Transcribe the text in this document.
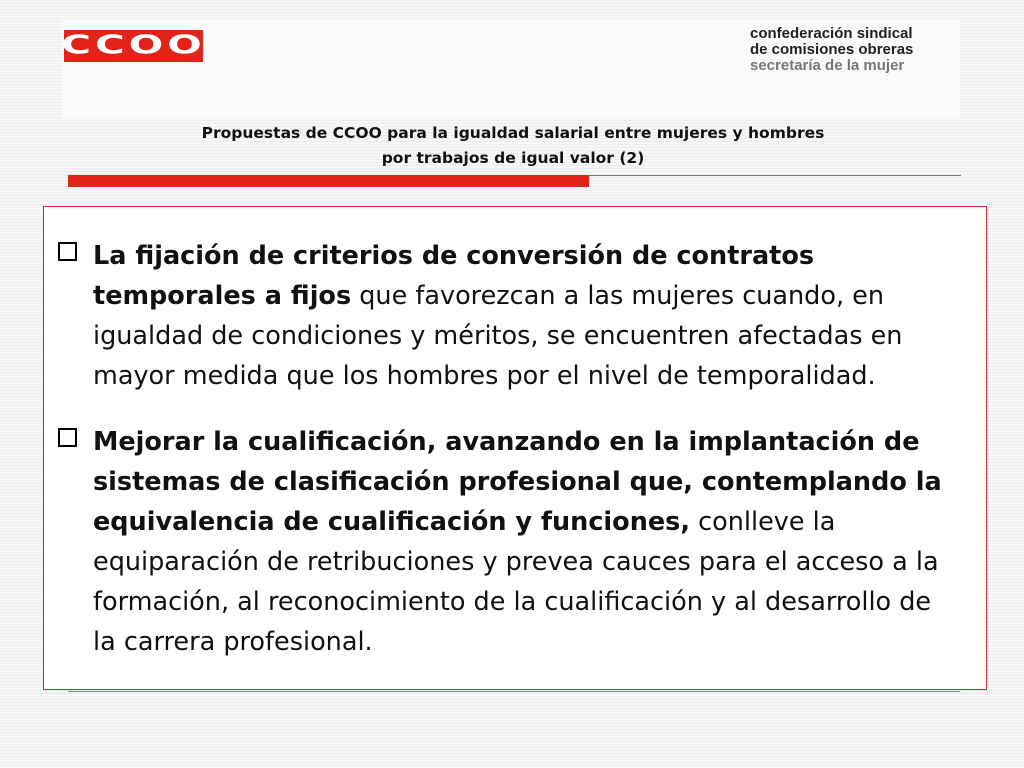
CCOO	confederación sindical
de comisiones obreras
secretaría de la mujer
Propuestas de CCOO para la igualdad salarial entre mujeres y hombres
por trabajos de igual valor (2)
La fijación de criterios de conversión de contratos temporales a fijos que favorezcan a las mujeres cuando, en igualdad de condiciones y méritos, se encuentren afectadas en mayor medida que los hombres por el nivel de temporalidad.
Mejorar la cualificación, avanzando en la implantación de sistemas de clasificación profesional que, contemplando la equivalencia de cualificación y funciones, conlleve la equiparación de retribuciones y prevea cauces para el acceso a la formación, al reconocimiento de la cualificación y al desarrollo de la carrera profesional.
